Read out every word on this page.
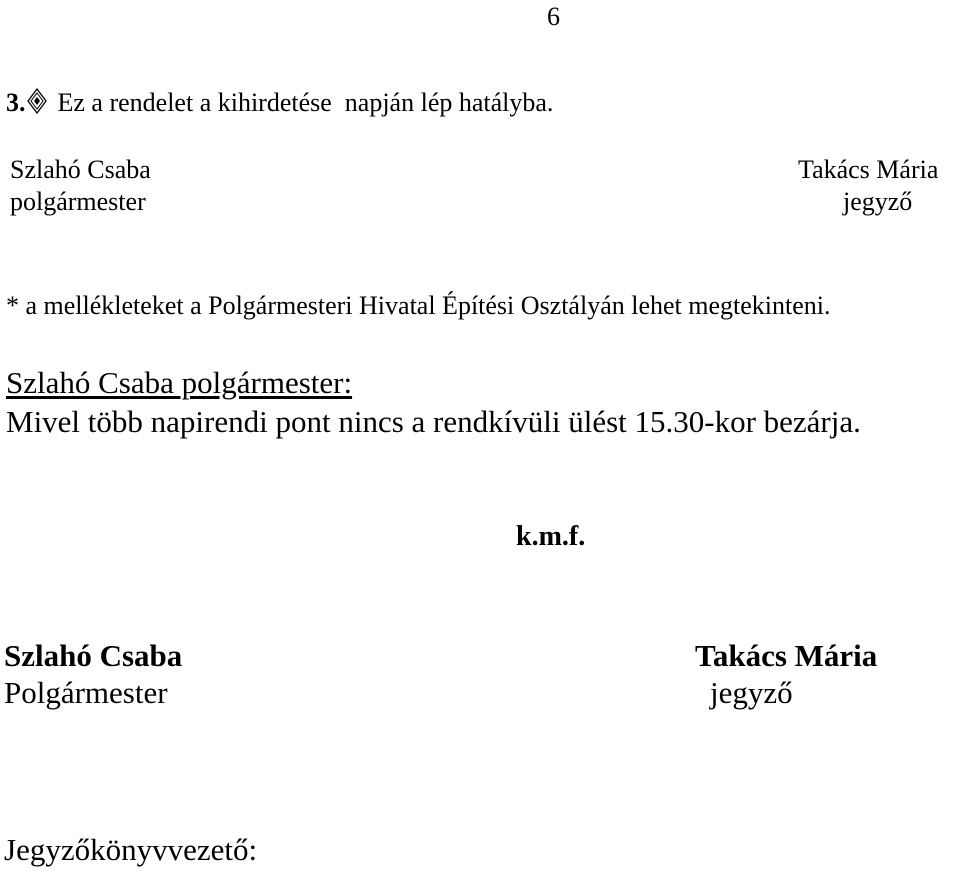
6
3. Ez a rendelet a kihirdetése  napján lép hatályba.
Szlahó Csaba
polgármester
Takács Mária
jegyző
* a mellékleteket a Polgármesteri Hivatal Építési Osztályán lehet megtekinteni.
Szlahó Csaba polgármester:
Mivel több napirendi pont nincs a rendkívüli ülést 15.30-kor bezárja.
k.m.f.
Szlahó Csaba
Polgármester
Takács Mária
jegyző
Jegyzőkönyvvezető:
